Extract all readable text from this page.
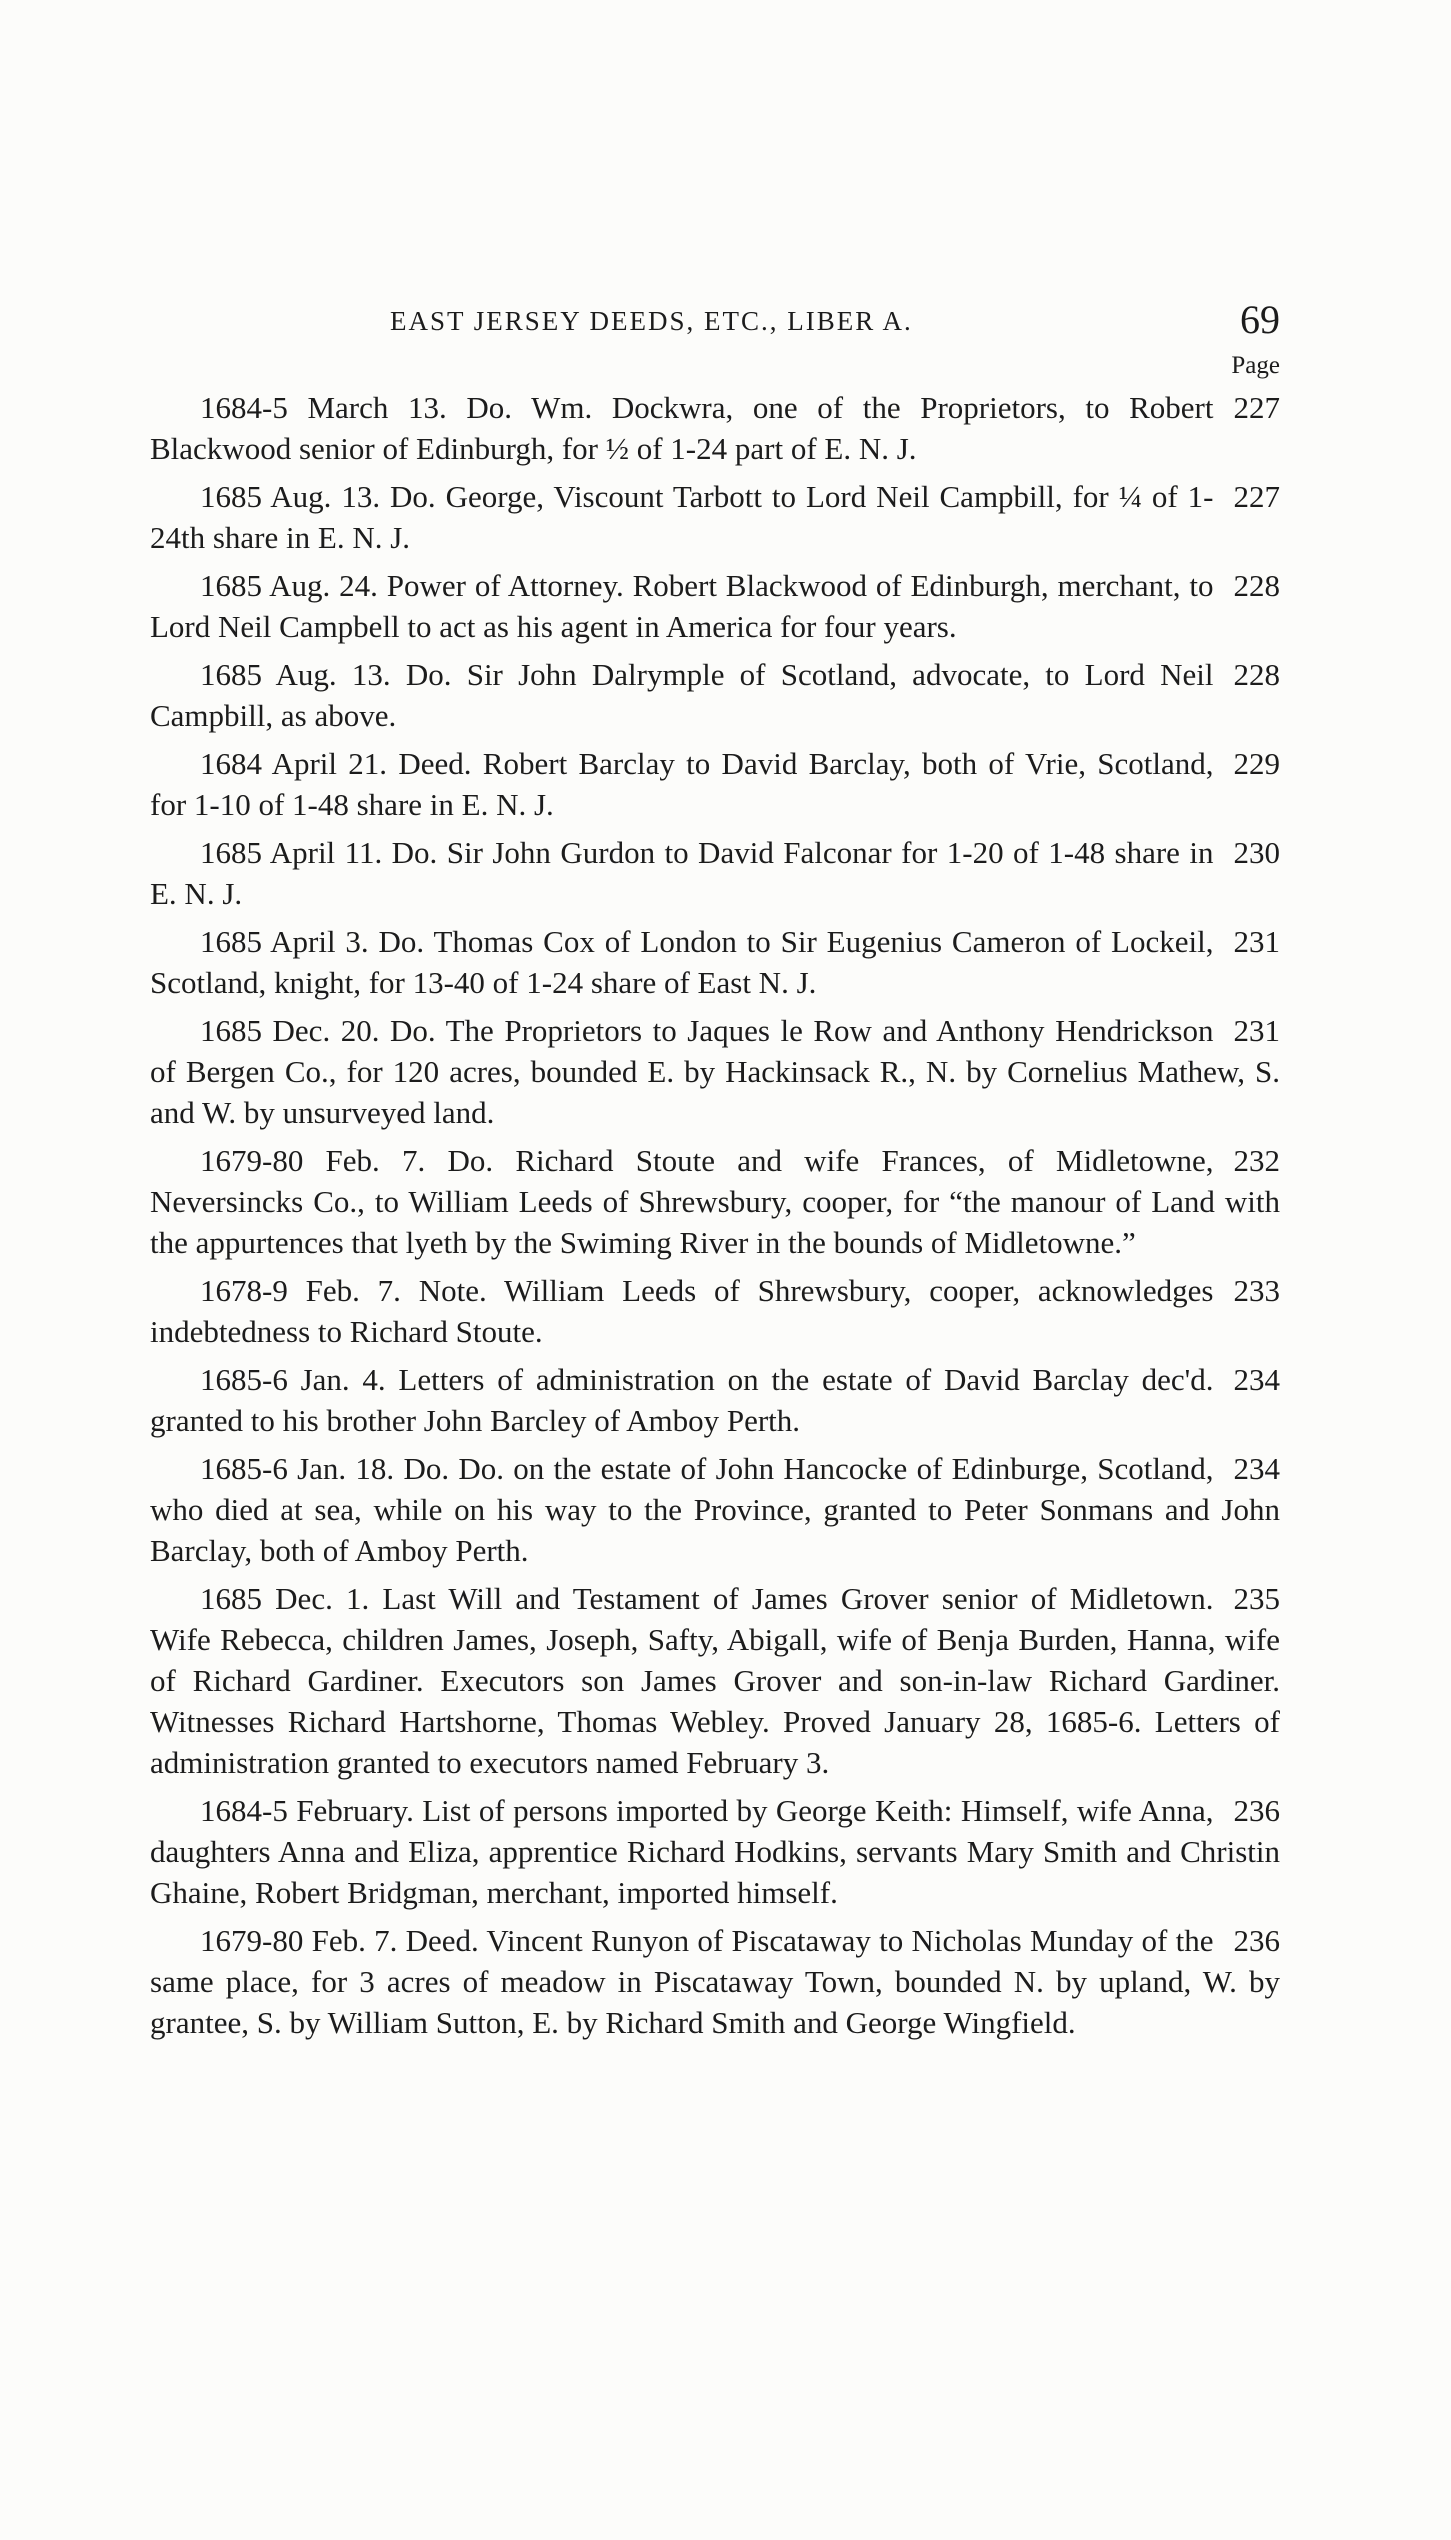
EAST JERSEY DEEDS, ETC., LIBER A.	69
Page
227
1684-5 March 13. Do. Wm. Dockwra, one of the Proprietors, to Robert Blackwood senior of Edinburgh, for ½ of 1-24 part of E. N. J.
227
1685 Aug. 13. Do. George, Viscount Tarbott to Lord Neil Campbill, for ¼ of 1-24th share in E. N. J.
228
1685 Aug. 24. Power of Attorney. Robert Blackwood of Edinburgh, merchant, to Lord Neil Campbell to act as his agent in America for four years.
228
1685 Aug. 13. Do. Sir John Dalrymple of Scotland, advocate, to Lord Neil Campbill, as above.
229
1684 April 21. Deed. Robert Barclay to David Barclay, both of Vrie, Scotland, for 1-10 of 1-48 share in E. N. J.
230
1685 April 11. Do. Sir John Gurdon to David Falconar for 1-20 of 1-48 share in E. N. J.
231
1685 April 3. Do. Thomas Cox of London to Sir Eugenius Cameron of Lockeil, Scotland, knight, for 13-40 of 1-24 share of East N. J.
231
1685 Dec. 20. Do. The Proprietors to Jaques le Row and Anthony Hendrickson of Bergen Co., for 120 acres, bounded E. by Hackinsack R., N. by Cornelius Mathew, S. and W. by unsurveyed land.
232
1679-80 Feb. 7. Do. Richard Stoute and wife Frances, of Midletowne, Neversincks Co., to William Leeds of Shrewsbury, cooper, for “the manour of Land with the appurtences that lyeth by the Swiming River in the bounds of Midletowne.”
233
1678-9 Feb. 7. Note. William Leeds of Shrewsbury, cooper, acknowledges indebtedness to Richard Stoute.
234
1685-6 Jan. 4. Letters of administration on the estate of David Barclay dec'd. granted to his brother John Barcley of Amboy Perth.
234
1685-6 Jan. 18. Do. Do. on the estate of John Hancocke of Edinburge, Scotland, who died at sea, while on his way to the Province, granted to Peter Sonmans and John Barclay, both of Amboy Perth.
235
1685 Dec. 1. Last Will and Testament of James Grover senior of Midletown. Wife Rebecca, children James, Joseph, Safty, Abigall, wife of Benja Burden, Hanna, wife of Richard Gardiner. Executors son James Grover and son-in-law Richard Gardiner. Witnesses Richard Hartshorne, Thomas Webley. Proved January 28, 1685-6. Letters of administration granted to executors named February 3.
236
1684-5 February. List of persons imported by George Keith: Himself, wife Anna, daughters Anna and Eliza, apprentice Richard Hodkins, servants Mary Smith and Christin Ghaine, Robert Bridgman, merchant, imported himself.
236
1679-80 Feb. 7. Deed. Vincent Runyon of Piscataway to Nicholas Munday of the same place, for 3 acres of meadow in Piscataway Town, bounded N. by upland, W. by grantee, S. by William Sutton, E. by Richard Smith and George Wingfield.
